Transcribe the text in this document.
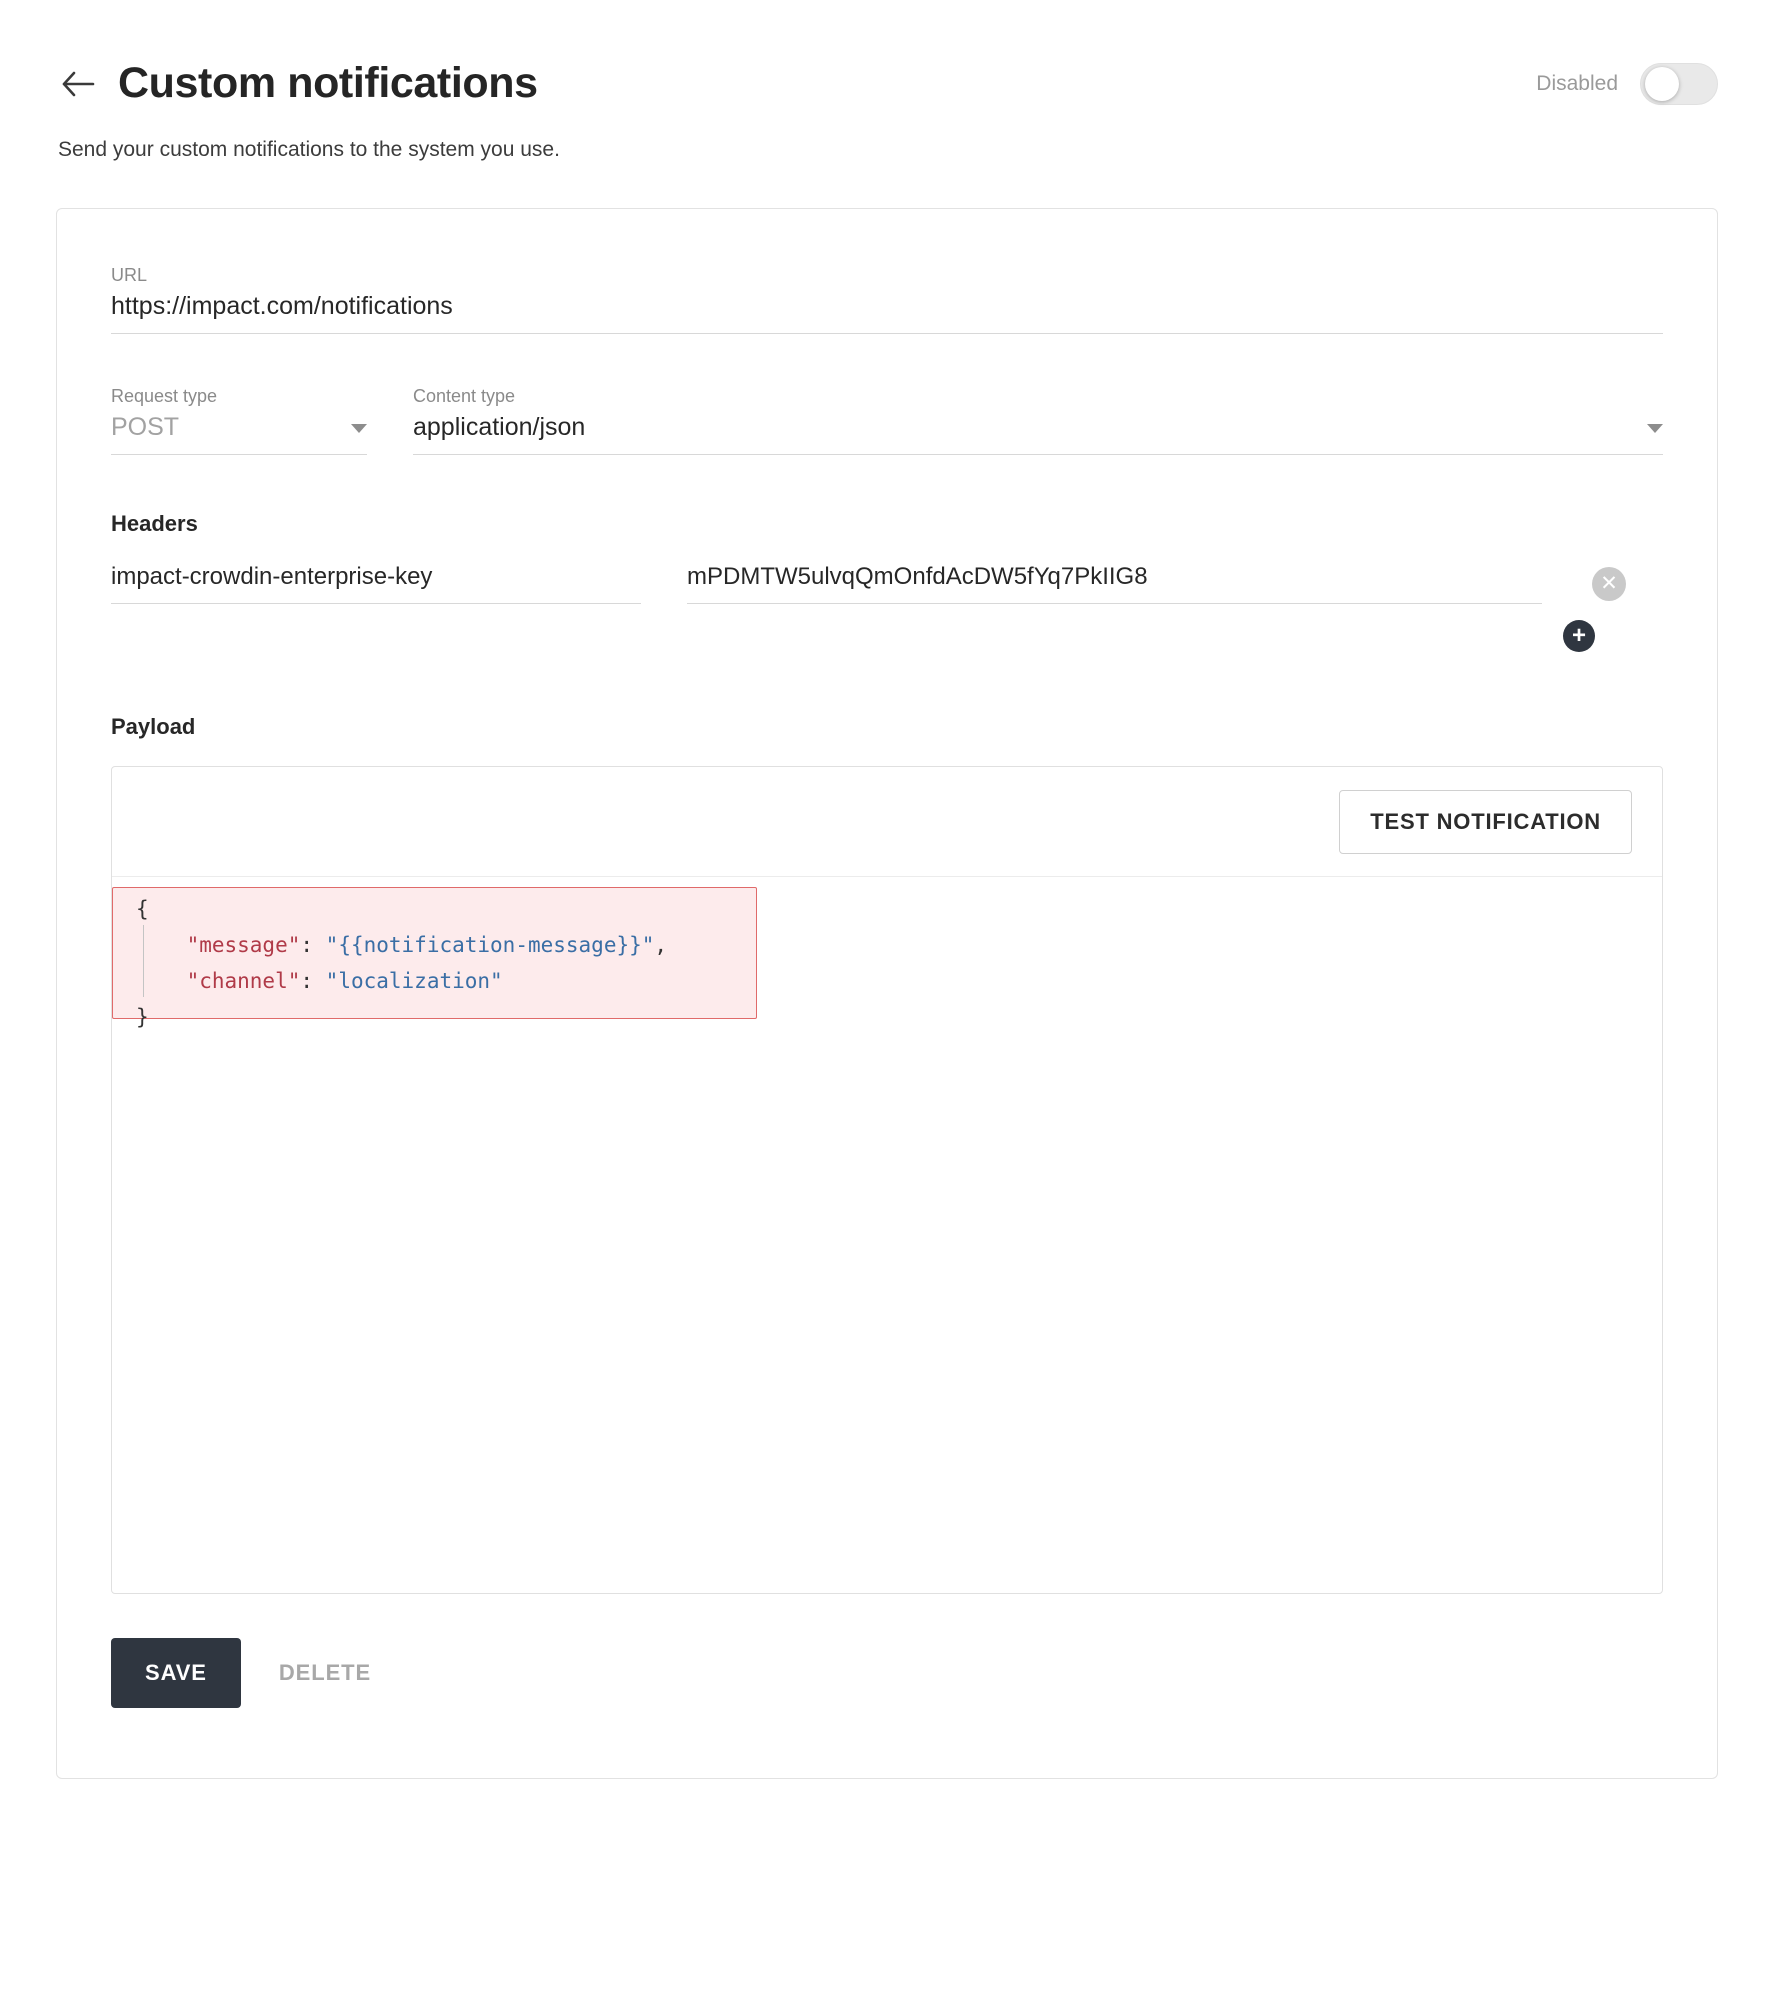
Custom notifications	Disabled
Send your custom notifications to the system you use.
URL
https://impact.com/notifications
Request type
POST
Content type
application/json
Headers
impact-crowdin-enterprise-key	mPDMTW5ulvqQmOnfdAcDW5fYq7PkIIG8	✕
+
Payload
TEST NOTIFICATION
{
"message": "{{notification-message}}",
"channel": "localization"
}
SAVE	DELETE
